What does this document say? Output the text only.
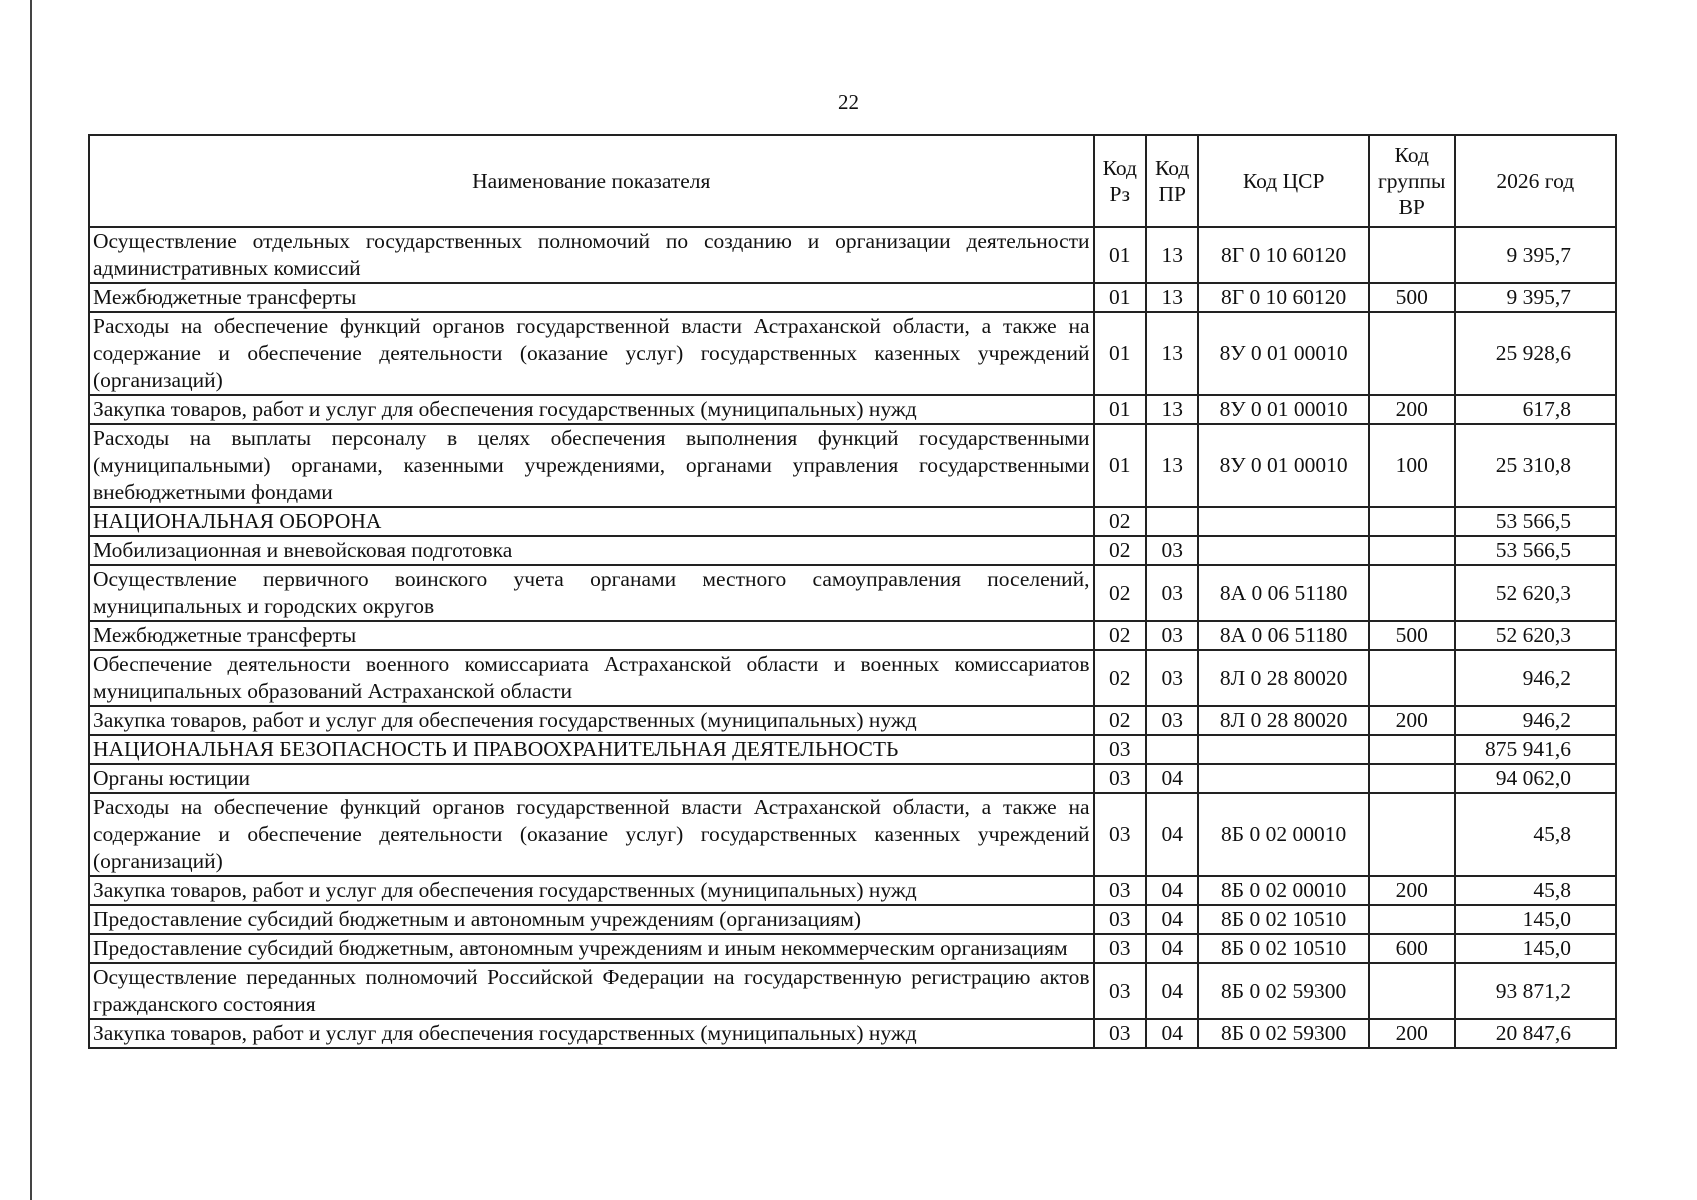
22
Наименование показателя	Код Рз	Код ПР	Код ЦСР	Код группы ВР	2026 год
Осуществление отдельных государственных полномочий по созданию и организации деятельности административных комиссий	01	13	8Г 0 10 60120		9 395,7
Межбюджетные трансферты	01	13	8Г 0 10 60120	500	9 395,7
Расходы на обеспечение функций органов государственной власти Астраханской области, а также на содержание и обеспечение деятельности (оказание услуг) государственных казенных учреждений (организаций)	01	13	8У 0 01 00010		25 928,6
Закупка товаров, работ и услуг для обеспечения государственных (муниципальных) нужд	01	13	8У 0 01 00010	200	617,8
Расходы на выплаты персоналу в целях обеспечения выполнения функций государственными (муниципальными) органами, казенными учреждениями, органами управления государственными внебюджетными фондами	01	13	8У 0 01 00010	100	25 310,8
НАЦИОНАЛЬНАЯ ОБОРОНА	02				53 566,5
Мобилизационная и вневойсковая подготовка	02	03			53 566,5
Осуществление первичного воинского учета органами местного самоуправления поселений, муниципальных и городских округов	02	03	8А 0 06 51180		52 620,3
Межбюджетные трансферты	02	03	8А 0 06 51180	500	52 620,3
Обеспечение деятельности военного комиссариата Астраханской области и военных комиссариатов муниципальных образований Астраханской области	02	03	8Л 0 28 80020		946,2
Закупка товаров, работ и услуг для обеспечения государственных (муниципальных) нужд	02	03	8Л 0 28 80020	200	946,2
НАЦИОНАЛЬНАЯ БЕЗОПАСНОСТЬ И ПРАВООХРАНИТЕЛЬНАЯ ДЕЯТЕЛЬНОСТЬ	03				875 941,6
Органы юстиции	03	04			94 062,0
Расходы на обеспечение функций органов государственной власти Астраханской области, а также на содержание и обеспечение деятельности (оказание услуг) государственных казенных учреждений (организаций)	03	04	8Б 0 02 00010		45,8
Закупка товаров, работ и услуг для обеспечения государственных (муниципальных) нужд	03	04	8Б 0 02 00010	200	45,8
Предоставление субсидий бюджетным и автономным учреждениям (организациям)	03	04	8Б 0 02 10510		145,0
Предоставление субсидий бюджетным, автономным учреждениям и иным некоммерческим организациям	03	04	8Б 0 02 10510	600	145,0
Осуществление переданных полномочий Российской Федерации на государственную регистрацию актов гражданского состояния	03	04	8Б 0 02 59300		93 871,2
Закупка товаров, работ и услуг для обеспечения государственных (муниципальных) нужд	03	04	8Б 0 02 59300	200	20 847,6
